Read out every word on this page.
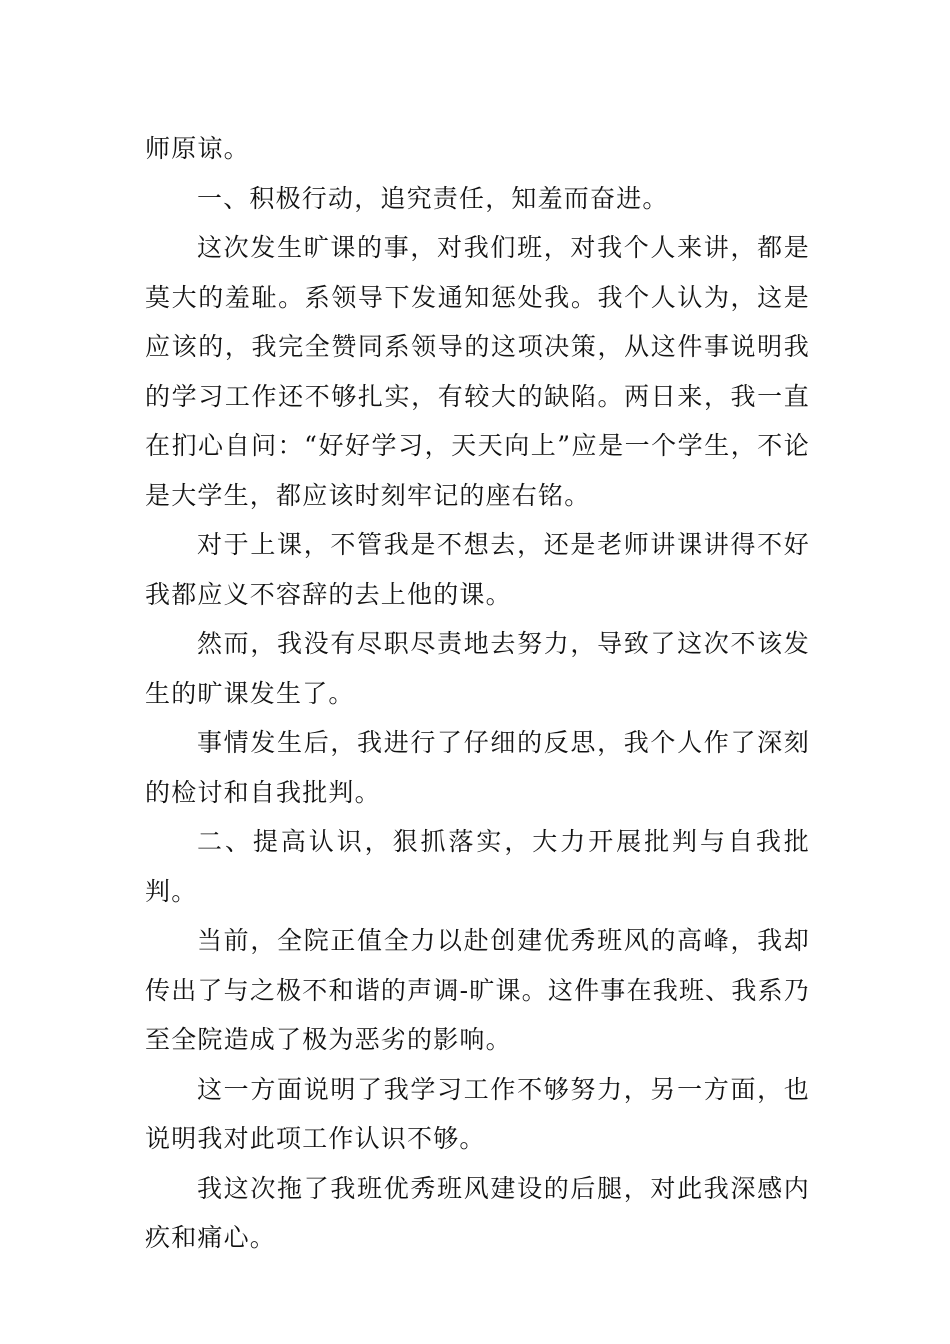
师原谅。

一、积极行动，追究责任，知羞而奋进。

这次发生旷课的事，对我们班，对我个人来讲，都是莫大的羞耻。系领导下发通知惩处我。我个人认为，这是应该的，我完全赞同系领导的这项决策，从这件事说明我的学习工作还不够扎实，有较大的缺陷。两日来，我一直在扪心自问：“好好学习，天天向上”应是一个学生，不论是大学生，都应该时刻牢记的座右铭。

对于上课，不管我是不想去，还是老师讲课讲得不好我都应义不容辞的去上他的课。

然而，我没有尽职尽责地去努力，导致了这次不该发生的旷课发生了。

事情发生后，我进行了仔细的反思，我个人作了深刻的检讨和自我批判。

二、提高认识，狠抓落实，大力开展批判与自我批判。

当前，全院正值全力以赴创建优秀班风的高峰，我却传出了与之极不和谐的声调-旷课。这件事在我班、我系乃至全院造成了极为恶劣的影响。

这一方面说明了我学习工作不够努力，另一方面，也说明我对此项工作认识不够。

我这次拖了我班优秀班风建设的后腿，对此我深感内疚和痛心。
